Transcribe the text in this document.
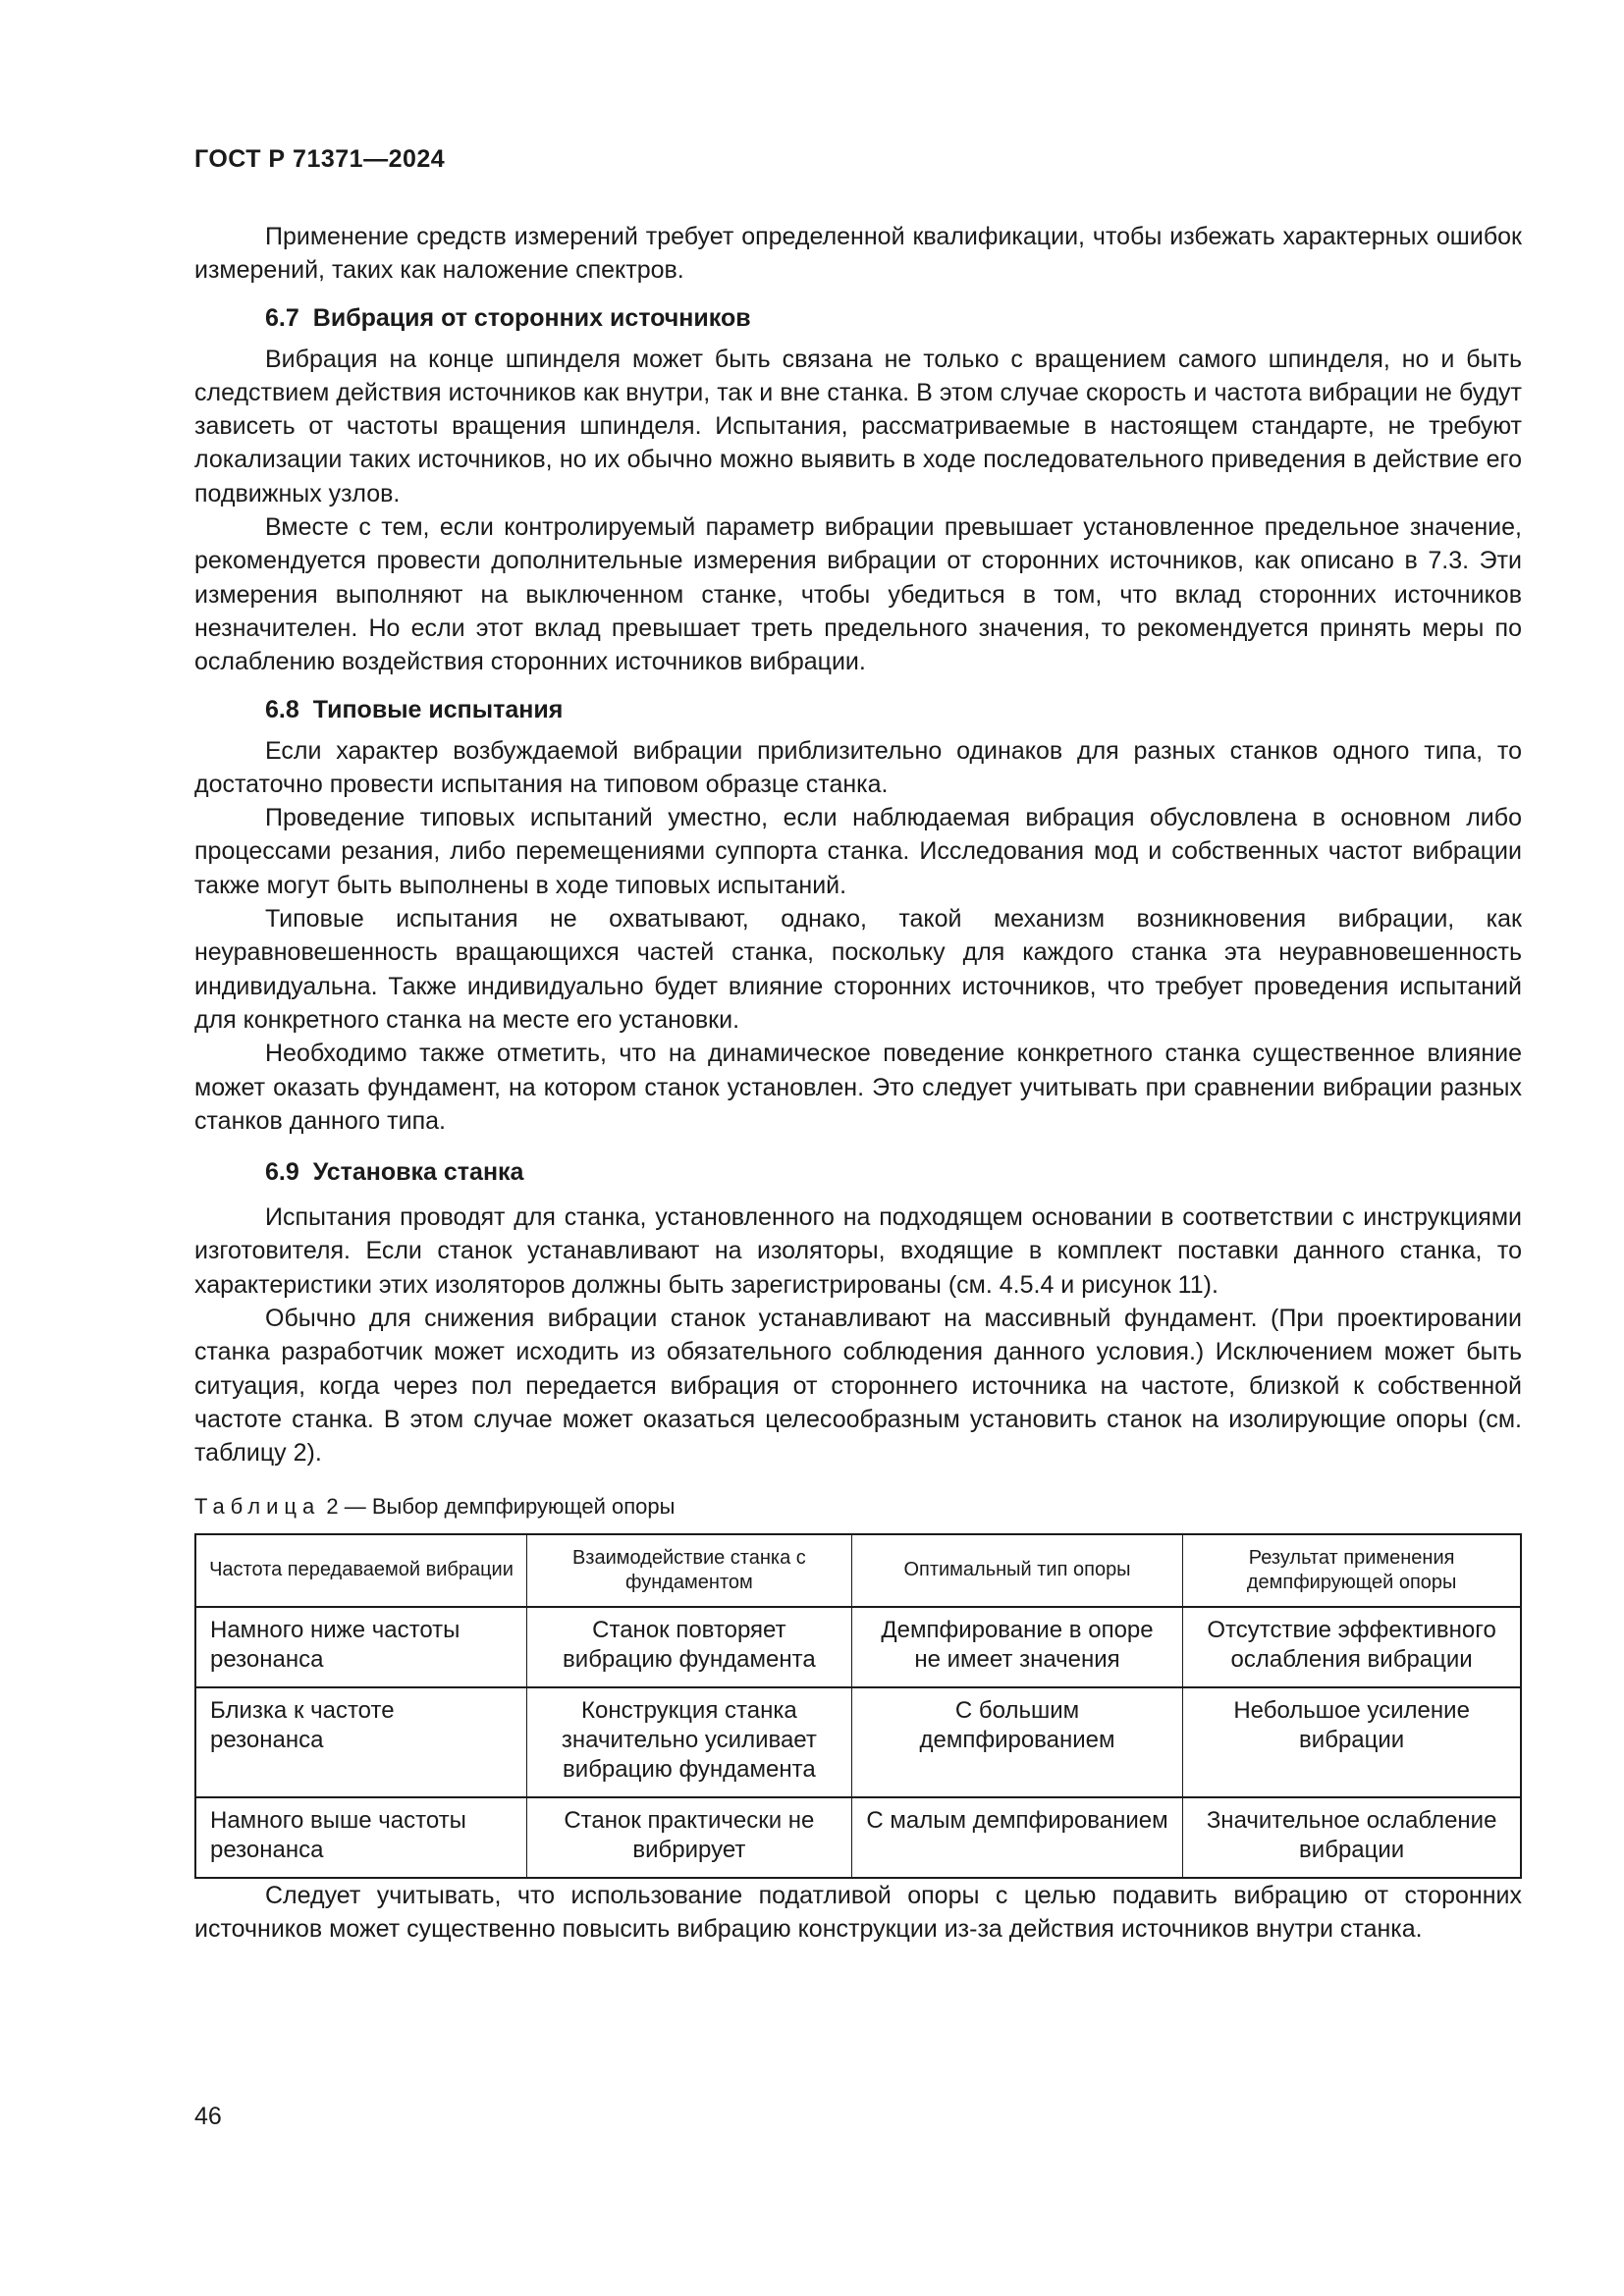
ГОСТ Р 71371—2024

Применение средств измерений требует определенной квалификации, чтобы избежать характерных ошибок измерений, таких как наложение спектров.

6.7 Вибрация от сторонних источников

Вибрация на конце шпинделя может быть связана не только с вращением самого шпинделя, но и быть следствием действия источников как внутри, так и вне станка. В этом случае скорость и частота вибрации не будут зависеть от частоты вращения шпинделя. Испытания, рассматриваемые в настоящем стандарте, не требуют локализации таких источников, но их обычно можно выявить в ходе последовательного приведения в действие его подвижных узлов.

Вместе с тем, если контролируемый параметр вибрации превышает установленное предельное значение, рекомендуется провести дополнительные измерения вибрации от сторонних источников, как описано в 7.3. Эти измерения выполняют на выключенном станке, чтобы убедиться в том, что вклад сторонних источников незначителен. Но если этот вклад превышает треть предельного значения, то рекомендуется принять меры по ослаблению воздействия сторонних источников вибрации.

6.8 Типовые испытания

Если характер возбуждаемой вибрации приблизительно одинаков для разных станков одного типа, то достаточно провести испытания на типовом образце станка.

Проведение типовых испытаний уместно, если наблюдаемая вибрация обусловлена в основном либо процессами резания, либо перемещениями суппорта станка. Исследования мод и собственных частот вибрации также могут быть выполнены в ходе типовых испытаний.

Типовые испытания не охватывают, однако, такой механизм возникновения вибрации, как неуравновешенность вращающихся частей станка, поскольку для каждого станка эта неуравновешенность индивидуальна. Также индивидуально будет влияние сторонних источников, что требует проведения испытаний для конкретного станка на месте его установки.

Необходимо также отметить, что на динамическое поведение конкретного станка существенное влияние может оказать фундамент, на котором станок установлен. Это следует учитывать при сравнении вибрации разных станков данного типа.

6.9 Установка станка

Испытания проводят для станка, установленного на подходящем основании в соответствии с инструкциями изготовителя. Если станок устанавливают на изоляторы, входящие в комплект поставки данного станка, то характеристики этих изоляторов должны быть зарегистрированы (см. 4.5.4 и рисунок 11).

Обычно для снижения вибрации станок устанавливают на массивный фундамент. (При проектировании станка разработчик может исходить из обязательного соблюдения данного условия.) Исключением может быть ситуация, когда через пол передается вибрация от стороннего источника на частоте, близкой к собственной частоте станка. В этом случае может оказаться целесообразным установить станок на изолирующие опоры (см. таблицу 2).

Таблица 2 — Выбор демпфирующей опоры
Частота передаваемой вибрации	Взаимодействие станка с фундаментом	Оптимальный тип опоры	Результат применения демпфирующей опоры
Намного ниже частоты резонанса	Станок повторяет вибрацию фундамента	Демпфирование в опоре не имеет значения	Отсутствие эффективного ослабления вибрации
Близка к частоте резонанса	Конструкция станка значительно усиливает вибрацию фундамента	С большим демпфированием	Небольшое усиление вибрации
Намного выше частоты резонанса	Станок практически не вибрирует	С малым демпфированием	Значительное ослабление вибрации

Следует учитывать, что использование податливой опоры с целью подавить вибрацию от сторонних источников может существенно повысить вибрацию конструкции из-за действия источников внутри станка.

46
